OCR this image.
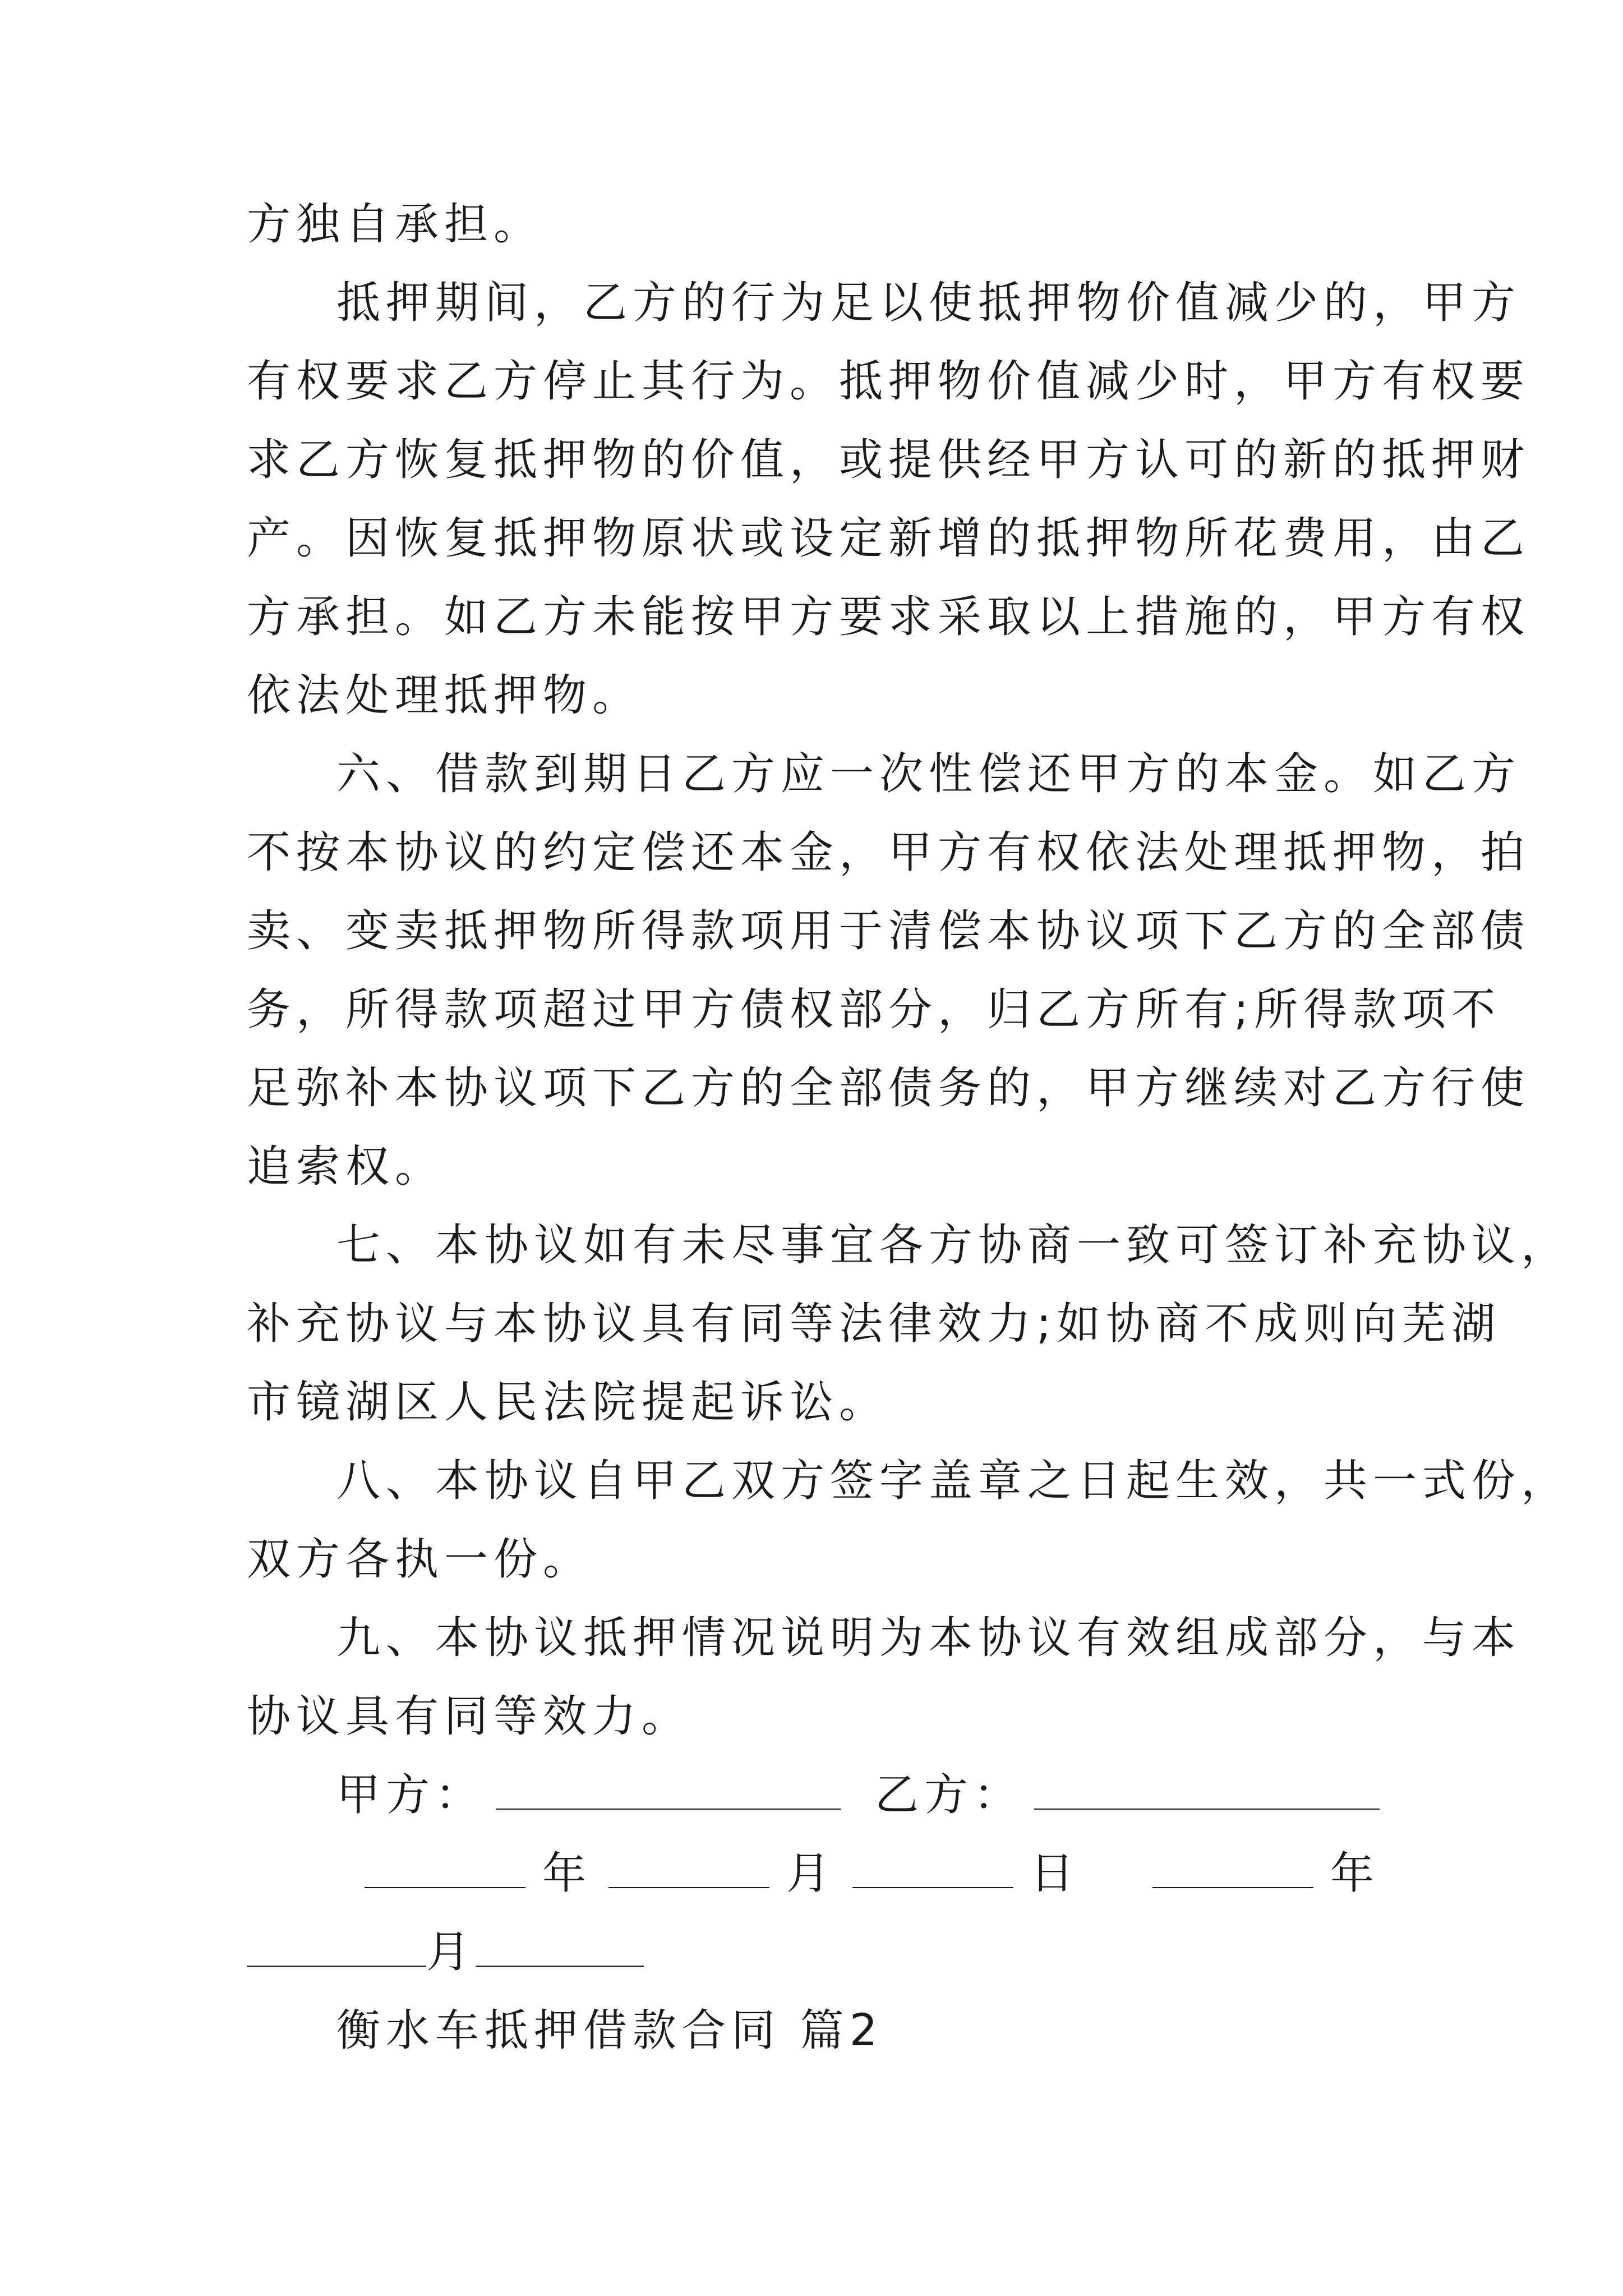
方独自承担。
抵押期间，乙方的行为足以使抵押物价值减少的，甲方
有权要求乙方停止其行为。抵押物价值减少时，甲方有权要
求乙方恢复抵押物的价值，或提供经甲方认可的新的抵押财
产。因恢复抵押物原状或设定新增的抵押物所花费用，由乙
方承担。如乙方未能按甲方要求采取以上措施的，甲方有权
依法处理抵押物。
六、借款到期日乙方应一次性偿还甲方的本金。如乙方
不按本协议的约定偿还本金，甲方有权依法处理抵押物，拍
卖、变卖抵押物所得款项用于清偿本协议项下乙方的全部债
务，所得款项超过甲方债权部分，归乙方所有;所得款项不
足弥补本协议项下乙方的全部债务的，甲方继续对乙方行使
追索权。
七、本协议如有未尽事宜各方协商一致可签订补充协议，
补充协议与本协议具有同等法律效力;如协商不成则向芜湖
市镜湖区人民法院提起诉讼。
八、本协议自甲乙双方签字盖章之日起生效，共一式份，
双方各执一份。
九、本协议抵押情况说明为本协议有效组成部分，与本
协议具有同等效力。
甲方：	乙方：
年	月	日	年
月
衡水车抵押借款合同 篇2
